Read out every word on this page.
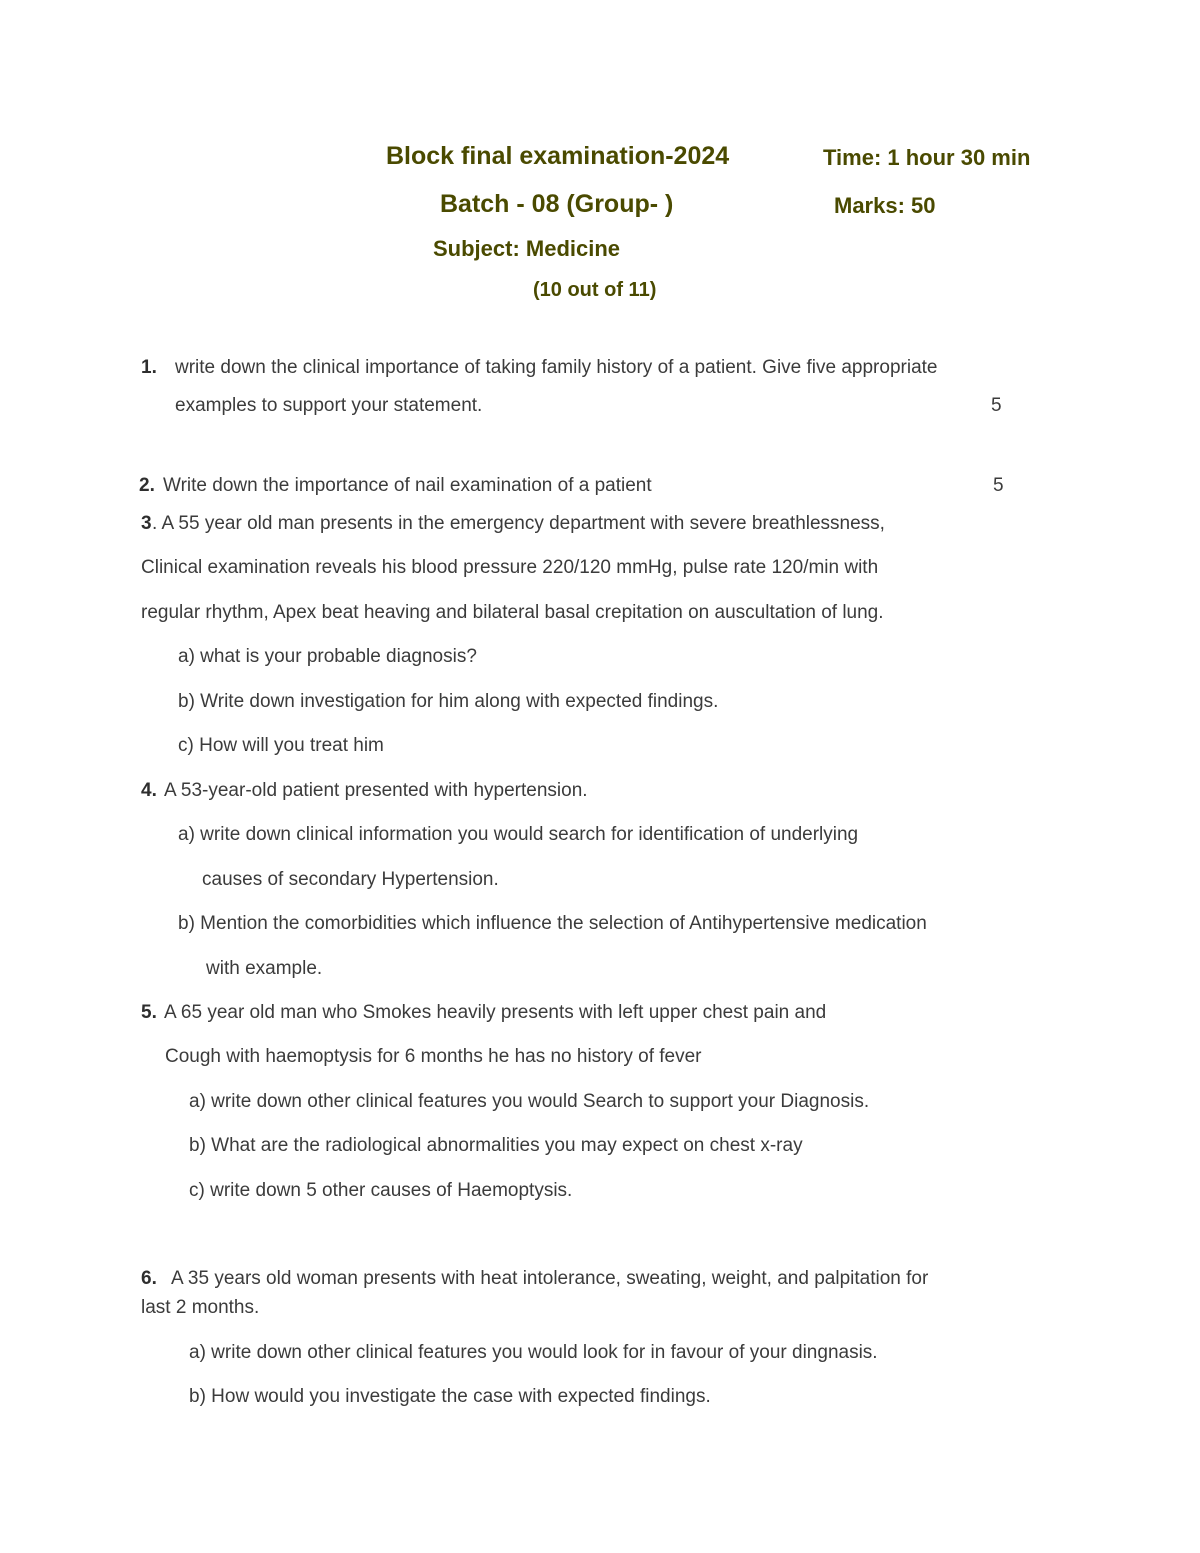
Block final examination-2024	Time: 1 hour 30 min
Batch - 08 (Group- )	Marks: 50
Subject: Medicine
(10 out of 11)
1. write down the clinical importance of taking family history of a patient. Give five appropriate
examples to support your statement.	5
2. Write down the importance of nail examination of a patient	5
3 . A 55 year old man presents in the emergency department with severe breathlessness,
Clinical examination reveals his blood pressure 220/120 mmHg, pulse rate 120/min with
regular rhythm, Apex beat heaving and bilateral basal crepitation on auscultation of lung.
a) what is your probable diagnosis?
b) Write down investigation for him along with expected findings.
c) How will you treat him
4. A 53-year-old patient presented with hypertension.
a) write down clinical information you would search for identification of underlying
causes of secondary Hypertension.
b) Mention the comorbidities which influence the selection of Antihypertensive medication
with example.
5. A 65 year old man who Smokes heavily presents with left upper chest pain and
Cough with haemoptysis for 6 months he has no history of fever
a) write down other clinical features you would Search to support your Diagnosis.
b) What are the radiological abnormalities you may expect on chest x-ray
c) write down 5 other causes of Haemoptysis.
6. A 35 years old woman presents with heat intolerance, sweating, weight, and palpitation for
last 2 months.
a) write down other clinical features you would look for in favour of your dingnasis.
b) How would you investigate the case with expected findings.
